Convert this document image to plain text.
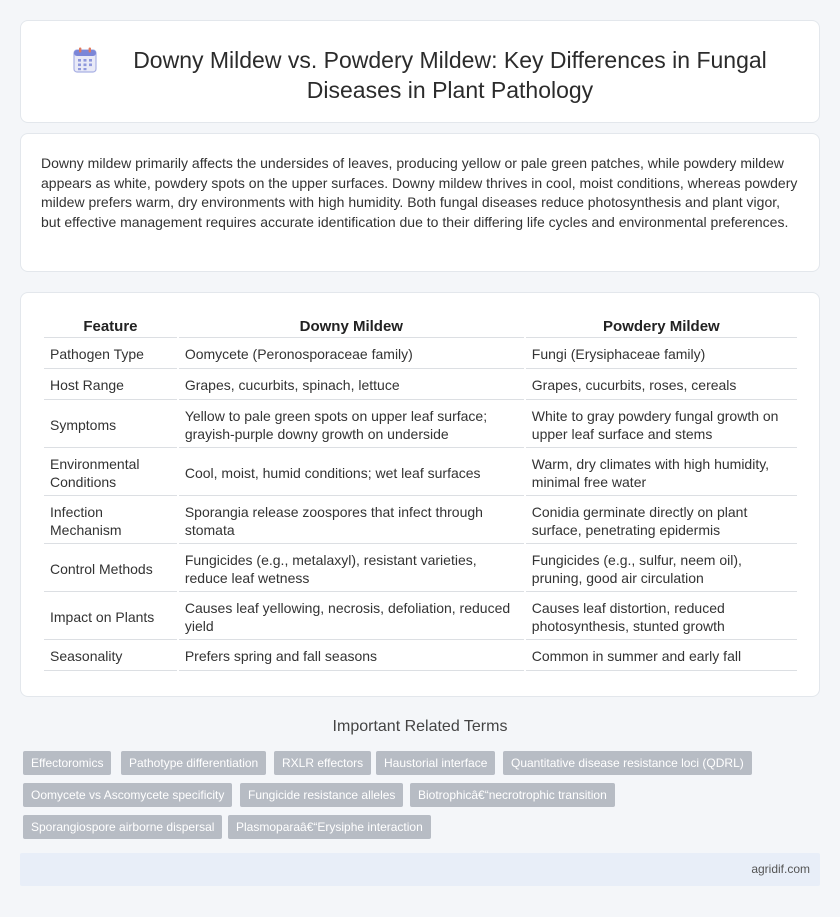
Downy Mildew vs. Powdery Mildew: Key Differences in Fungal Diseases in Plant Pathology

Downy mildew primarily affects the undersides of leaves, producing yellow or pale green patches, while powdery mildew appears as white, powdery spots on the upper surfaces. Downy mildew thrives in cool, moist conditions, whereas powdery mildew prefers warm, dry environments with high humidity. Both fungal diseases reduce photosynthesis and plant vigor, but effective management requires accurate identification due to their differing life cycles and environmental preferences.

Feature	Downy Mildew	Powdery Mildew
Pathogen Type	Oomycete (Peronosporaceae family)	Fungi (Erysiphaceae family)
Host Range	Grapes, cucurbits, spinach, lettuce	Grapes, cucurbits, roses, cereals
Symptoms	Yellow to pale green spots on upper leaf surface; grayish-purple downy growth on underside	White to gray powdery fungal growth on upper leaf surface and stems
Environmental Conditions	Cool, moist, humid conditions; wet leaf surfaces	Warm, dry climates with high humidity, minimal free water
Infection Mechanism	Sporangia release zoospores that infect through stomata	Conidia germinate directly on plant surface, penetrating epidermis
Control Methods	Fungicides (e.g., metalaxyl), resistant varieties, reduce leaf wetness	Fungicides (e.g., sulfur, neem oil), pruning, good air circulation
Impact on Plants	Causes leaf yellowing, necrosis, defoliation, reduced yield	Causes leaf distortion, reduced photosynthesis, stunted growth
Seasonality	Prefers spring and fall seasons	Common in summer and early fall
Important Related Terms
Effectoromics	Pathotype differentiation	RXLR effectors	Haustorial interface	Quantitative disease resistance loci (QDRL)
Oomycete vs Ascomycete specificity	Fungicide resistance alleles	Biotrophicâ€“necrotrophic transition
Sporangiospore airborne dispersal	Plasmoparaâ€“Erysiphe interaction
agridif.com
